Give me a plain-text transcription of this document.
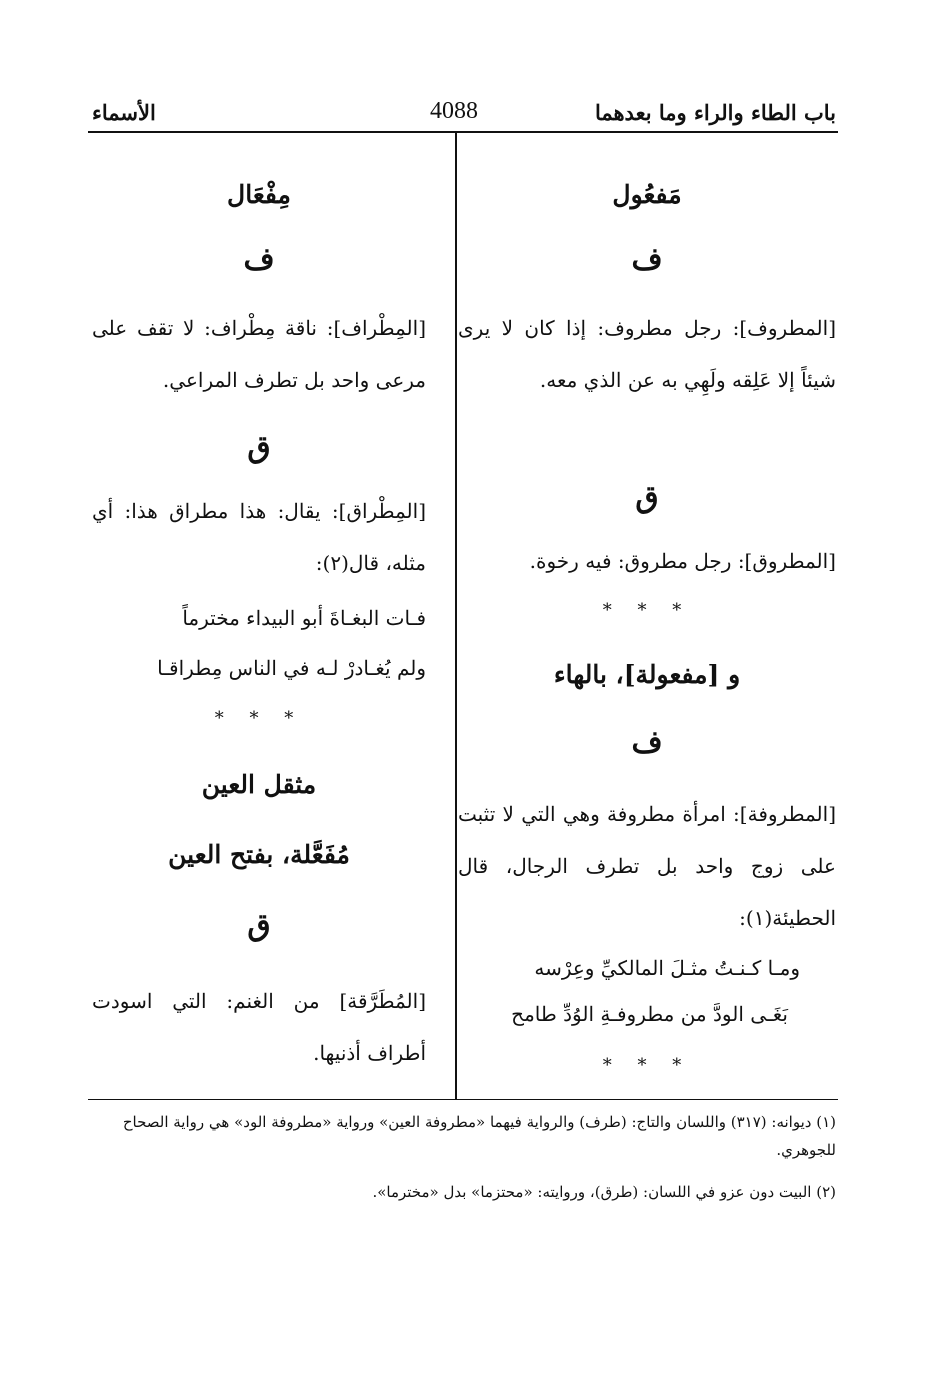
باب الطاء والراء وما بعدهما
4088
الأسماء
مَفعُول
ف
[المطروف]: رجل مطروف: إذا كان لا يرى شيئاً إلا عَلِقه ولَهِي به عن الذي معه.
ق
[المطروق]: رجل مطروق: فيه رخوة.
* * *
و [مفعولة]، بالهاء
ف
[المطروفة]: امرأة مطروفة وهي التي لا تثبت على زوج واحد بل تطرف الرجال، قال الحطيئة(١):
ومـا كـنـتُ مثـلَ المالكيِّ وعِرْسه
بَغَـى الودَّ من مطروفـةِ الوُدِّ طامح
* * *
مِفْعَال
ف
[المِطْراف]: ناقة مِطْراف: لا تقف على مرعى واحد بل تطرف المراعي.
ق
[المِطْراق]: يقال: هذا مطراق هذا: أي مثله، قال(٢):
فـات البغـاةَ أبو البيداء مخترماً
ولم يُغـادرْ لـه في الناس مِطراقـا
* * *
مثقل العين
مُفَعَّلة، بفتح العين
ق
[المُطَرَّقة] من الغنم: التي اسودت أطراف أذنيها.
(١) ديوانه: (٣١٧) واللسان والتاج: (طرف) والرواية فيهما «مطروفة العين» ورواية «مطروفة الود» هي رواية الصحاح للجوهري.
(٢) البيت دون عزو في اللسان: (طرق)، وروايته: «محتزما» بدل «مخترما».
